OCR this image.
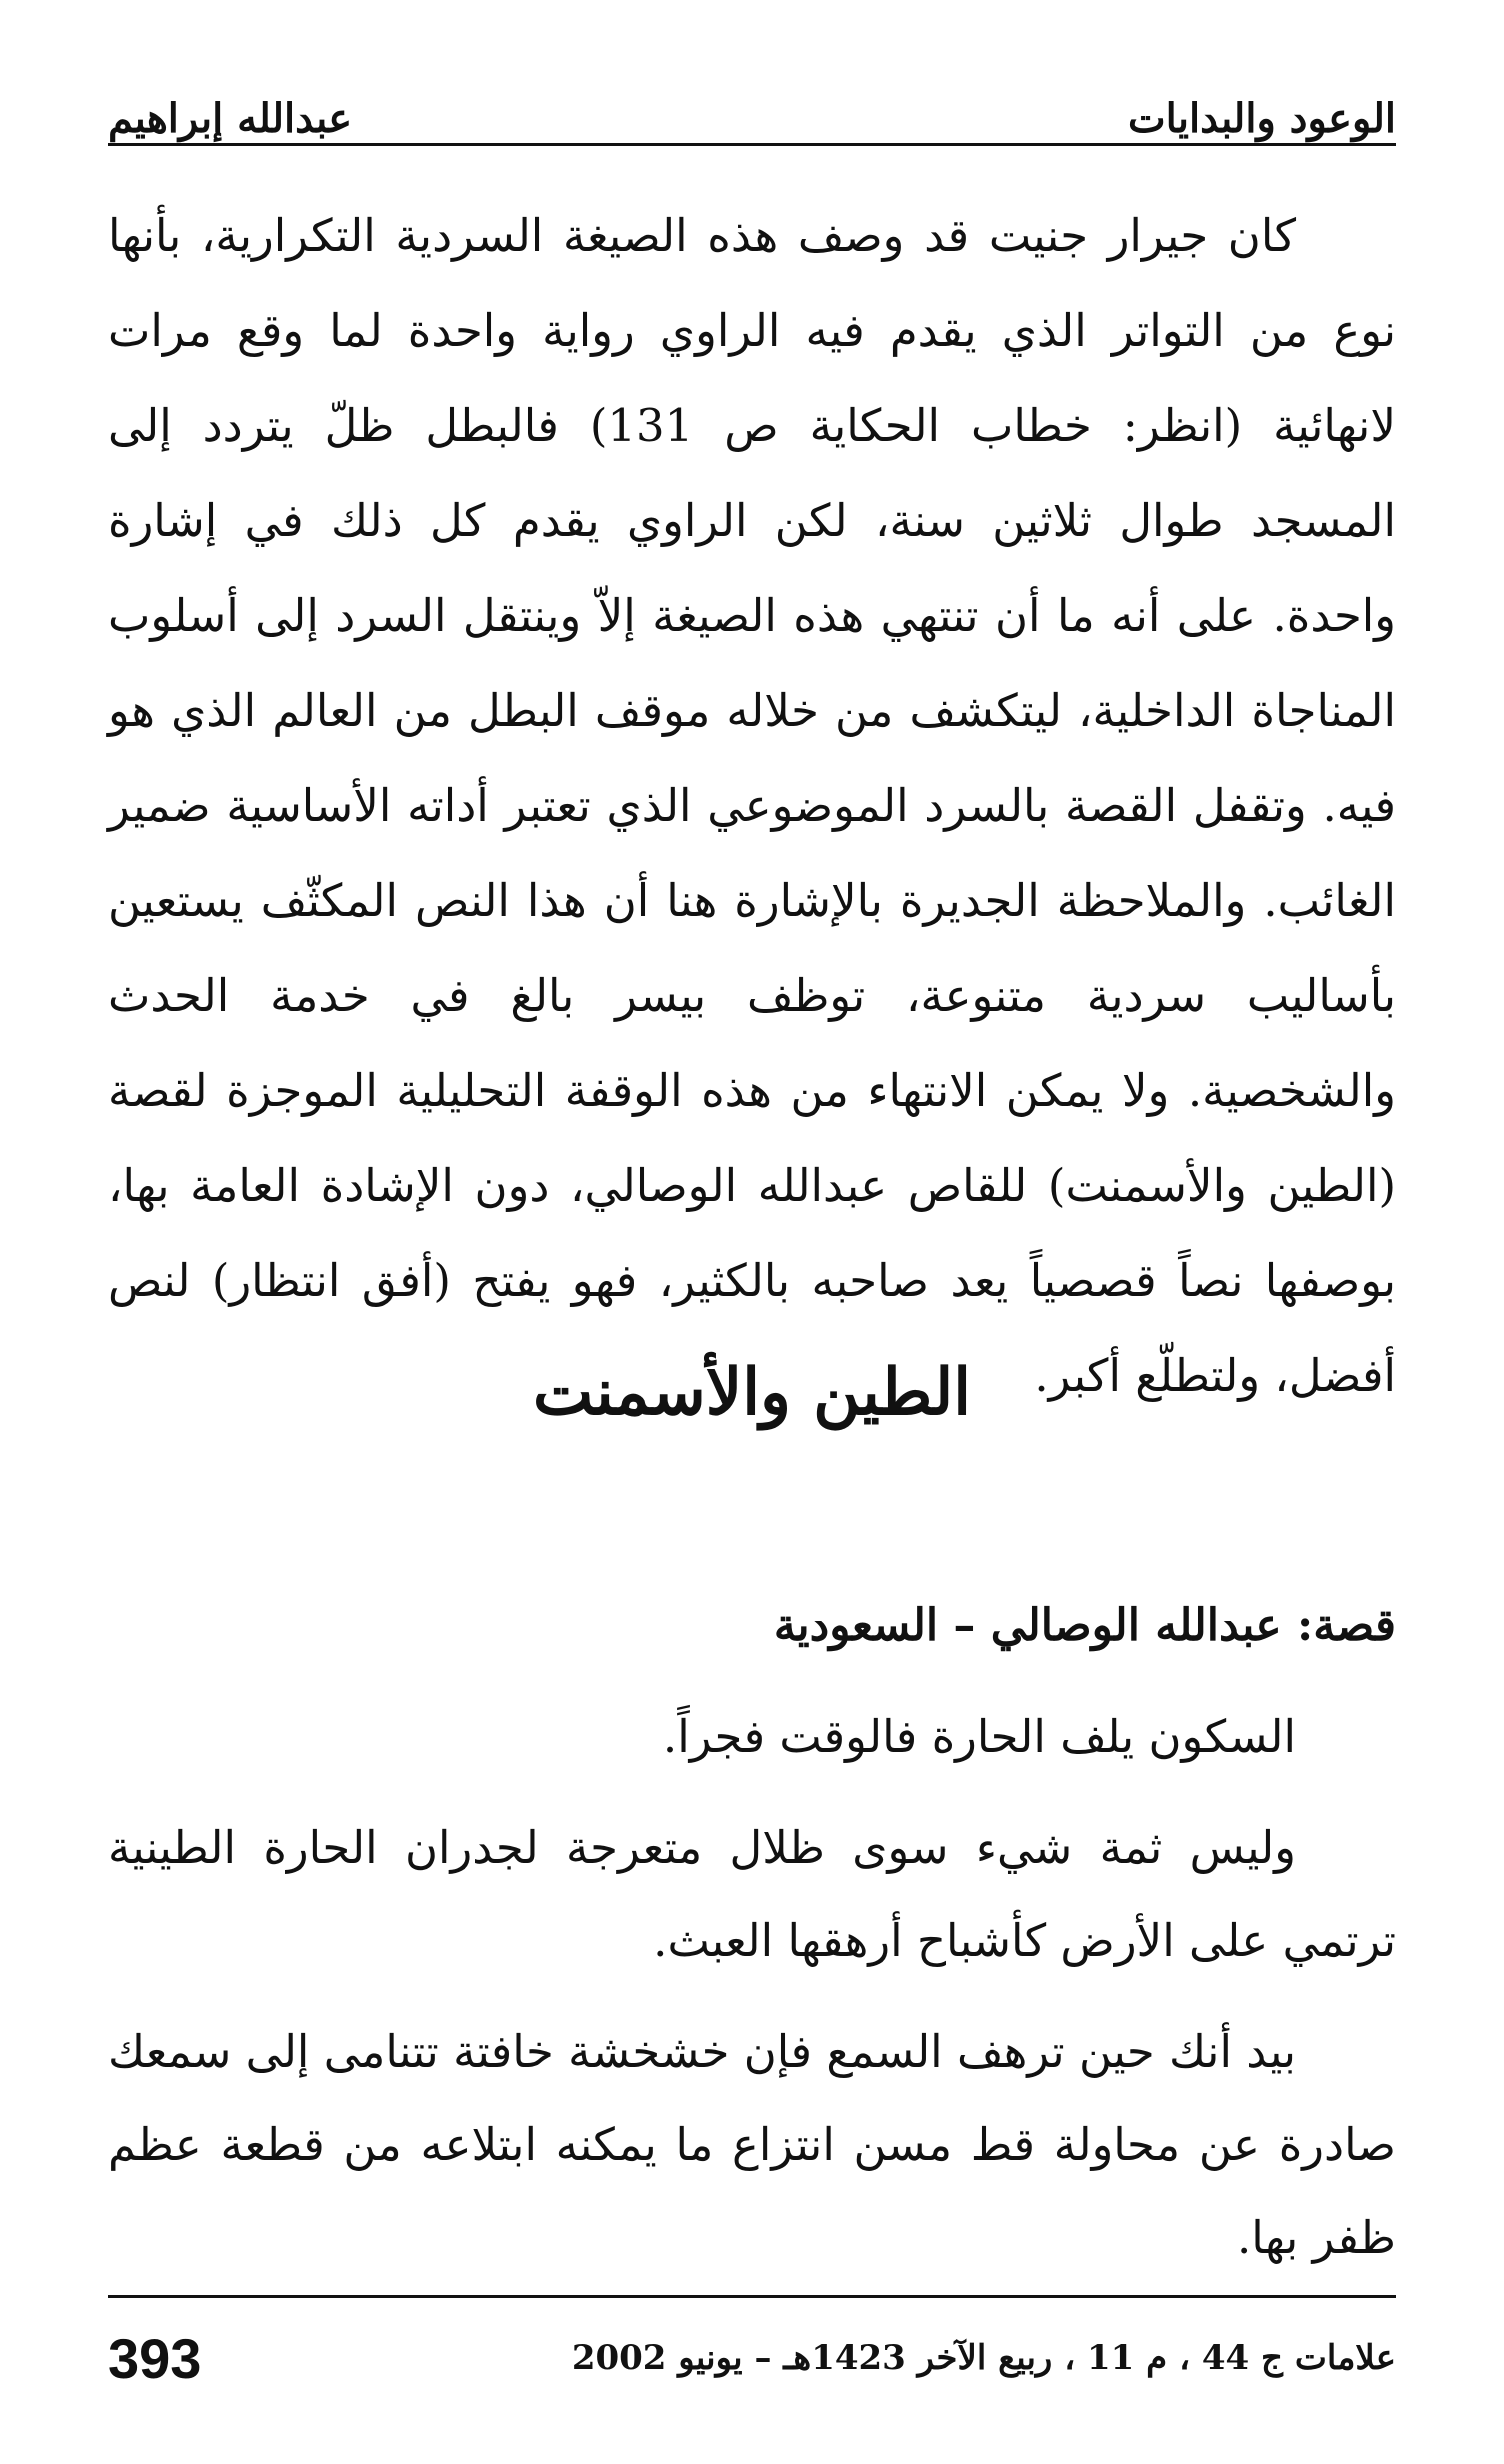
الوعود والبدايات
عبدالله إبراهيم

كان جيرار جنيت قد وصف هذه الصيغة السردية التكرارية، بأنها نوع من التواتر الذي يقدم فيه الراوي رواية واحدة لما وقع مرات لانهائية (انظر: خطاب الحكاية ص 131) فالبطل ظلّ يتردد إلى المسجد طوال ثلاثين سنة، لكن الراوي يقدم كل ذلك في إشارة واحدة. على أنه ما أن تنتهي هذه الصيغة إلاّ وينتقل السرد إلى أسلوب المناجاة الداخلية، ليتكشف من خلاله موقف البطل من العالم الذي هو فيه. وتقفل القصة بالسرد الموضوعي الذي تعتبر أداته الأساسية ضمير الغائب. والملاحظة الجديرة بالإشارة هنا أن هذا النص المكثّف يستعين بأساليب سردية متنوعة، توظف بيسر بالغ في خدمة الحدث والشخصية. ولا يمكن الانتهاء من هذه الوقفة التحليلية الموجزة لقصة (الطين والأسمنت) للقاص عبدالله الوصالي، دون الإشادة العامة بها، بوصفها نصاً قصصياً يعد صاحبه بالكثير، فهو يفتح (أفق انتظار) لنص أفضل، ولتطلّع أكبر.

الطين والأسمنت
قصة: عبدالله الوصالي – السعودية

السكون يلف الحارة فالوقت فجراً.

وليس ثمة شيء سوى ظلال متعرجة لجدران الحارة الطينية ترتمي على الأرض كأشباح أرهقها العبث.

بيد أنك حين ترهف السمع فإن خشخشة خافتة تتنامى إلى سمعك صادرة عن محاولة قط مسن انتزاع ما يمكنه ابتلاعه من قطعة عظم ظفر بها.

علامات ج 44 ، م 11 ، ربيع الآخر 1423هـ – يونيو 2002
393
